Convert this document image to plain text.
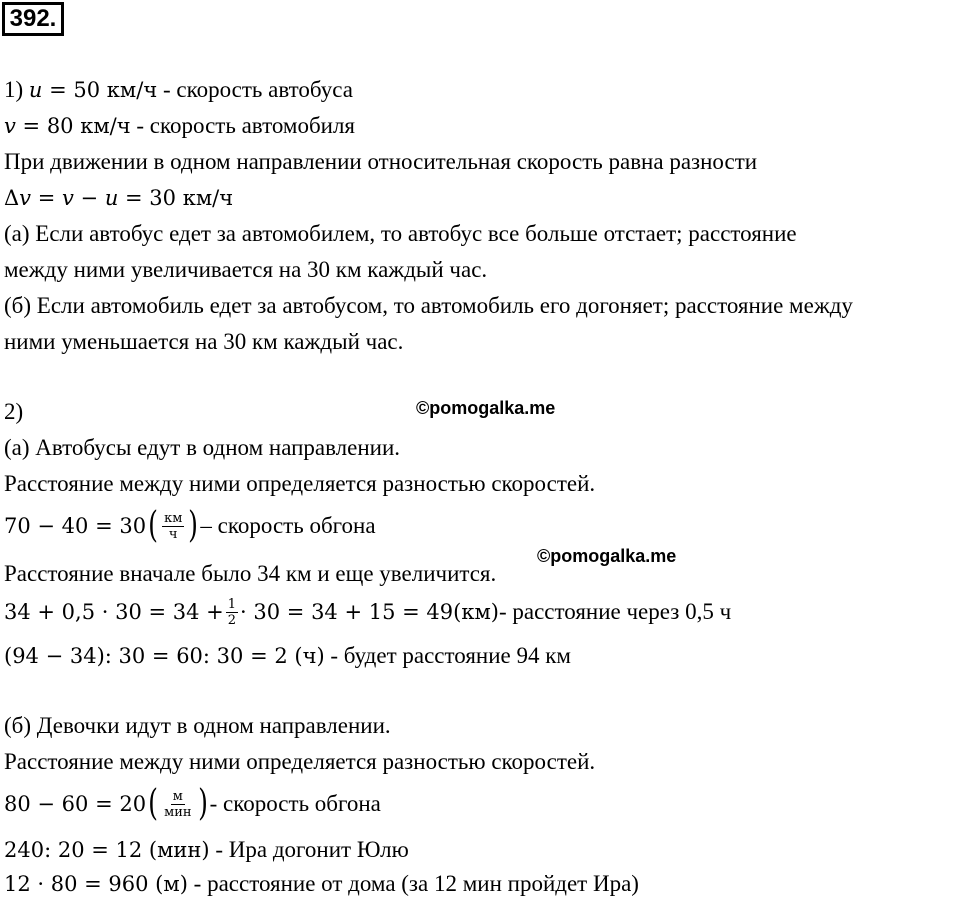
392.
1) u = 50 км/ч - скорость автобуса
v = 80 км/ч - скорость автомобиля
При движении в одном направлении относительная скорость равна разности
Δv = v − u = 30 км/ч
(а) Если автобус едет за автомобилем, то автобус все больше отстает; расстояние
между ними увеличивается на 30 км каждый час.
(б) Если автомобиль едет за автобусом, то автомобиль его догоняет; расстояние между
ними уменьшается на 30 км каждый час.
2)	©pomogalka.me
(а) Автобусы едут в одном направлении.
Расстояние между ними определяется разностью скоростей.
70 − 40 = 30 ( $\frac{км}{ч}$ ) – скорость обгона
©pomogalka.me
Расстояние вначале было 34 км и еще увеличится.
$34 + 0,5 \cdot 30 = 34 + \frac{1}{2} \cdot 30 = 34 + 15 = 49(км)$ - расстояние через 0,5 ч
(94 − 34): 30 = 60: 30 = 2 (ч) - будет расстояние 94 км
(б) Девочки идут в одном направлении.
Расстояние между ними определяется разностью скоростей.
80 − 60 = 20 ( $\frac{м}{\text{мин}}$ ) - скорость обгона
240: 20 = 12 (мин) - Ира догонит Юлю
12 · 80 = 960 (м) - расстояние от дома (за 12 мин пройдет Ира)
